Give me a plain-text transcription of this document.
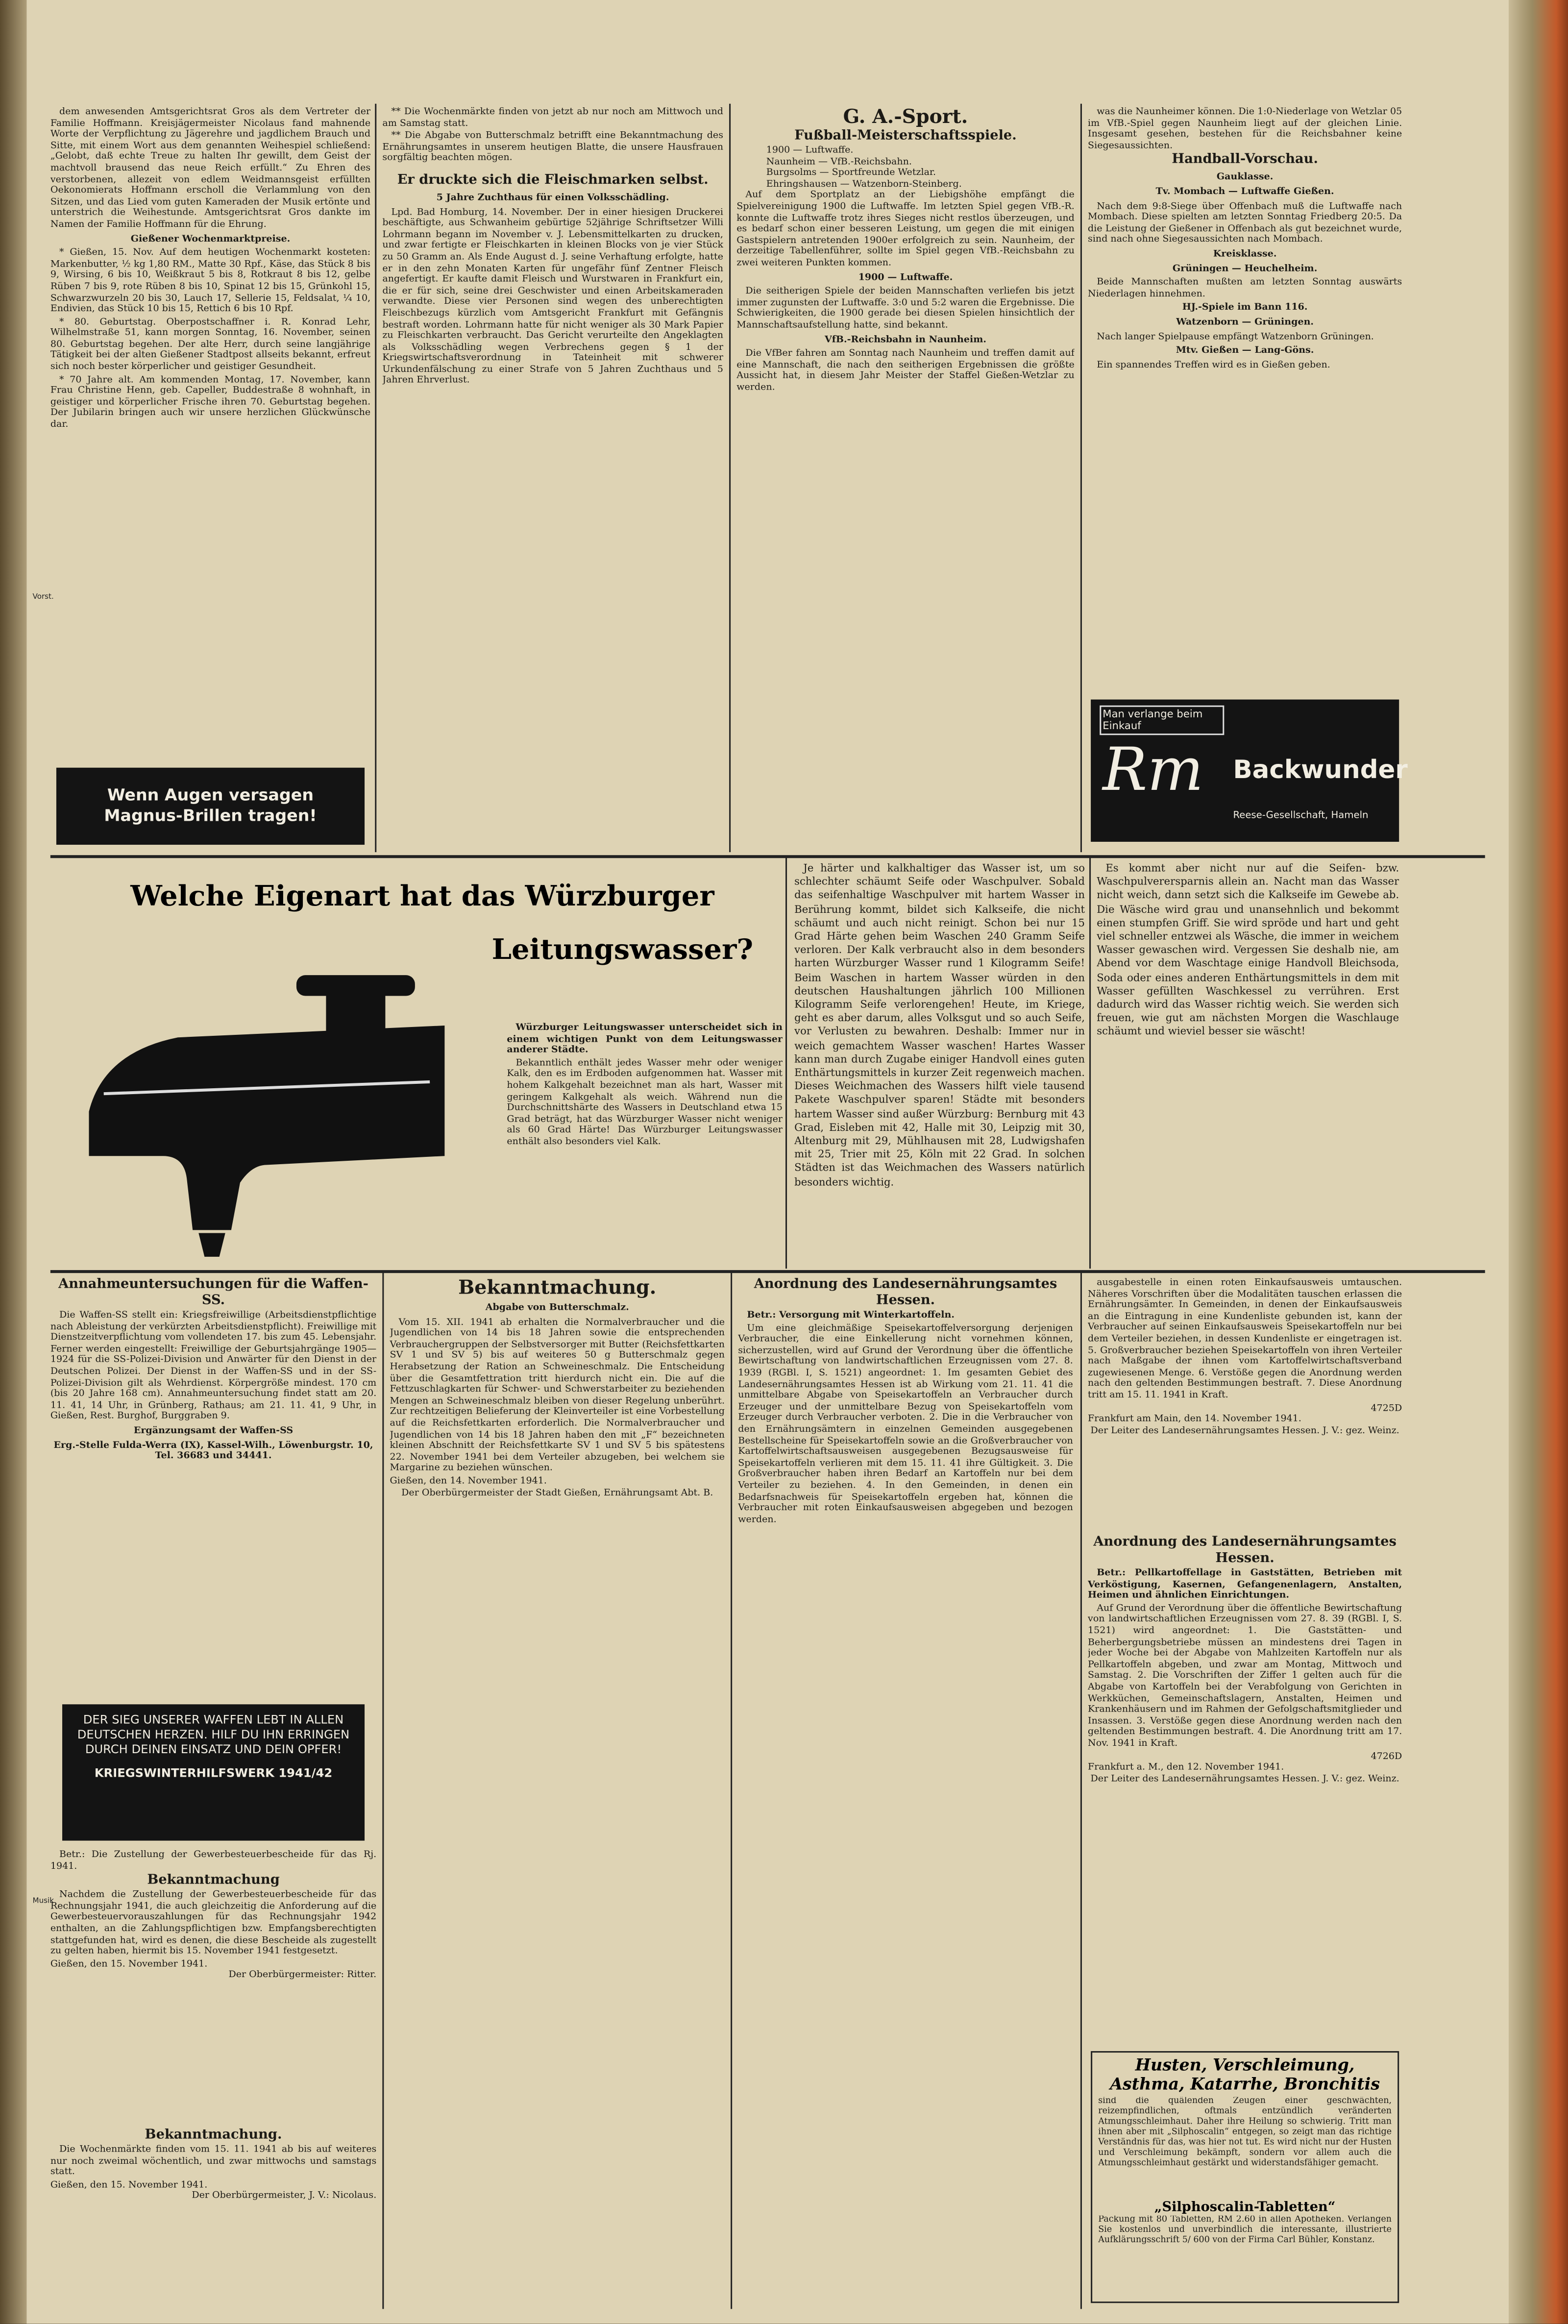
Vorst.
Musik

dem anwesenden Amtsgerichtsrat Gros als dem Vertreter der Familie Hoffmann. Kreisjägermeister Nicolaus fand mahnende Worte der Verpflichtung zu Jägerehre und jagdlichem Brauch und Sitte, mit einem Wort aus dem genannten Weihespiel schließend: „Gelobt, daß echte Treue zu halten Ihr gewillt, dem Geist der machtvoll brausend das neue Reich erfüllt.“ Zu Ehren des verstorbenen, allezeit von edlem Weidmannsgeist erfüllten Oekonomierats Hoffmann erscholl die Verlammlung von den Sitzen, und das Lied vom guten Kameraden der Musik ertönte und unterstrich die Weihestunde. Amtsgerichtsrat Gros dankte im Namen der Familie Hoffmann für die Ehrung.

Gießener Wochenmarktpreise.

* Gießen, 15. Nov. Auf dem heutigen Wochenmarkt kosteten: Markenbutter, ½ kg 1,80 RM., Matte 30 Rpf., Käse, das Stück 8 bis 9, Wirsing, 6 bis 10, Weißkraut 5 bis 8, Rotkraut 8 bis 12, gelbe Rüben 7 bis 9, rote Rüben 8 bis 10, Spinat 12 bis 15, Grünkohl 15, Schwarzwurzeln 20 bis 30, Lauch 17, Sellerie 15, Feldsalat, ¼ 10, Endivien, das Stück 10 bis 15, Rettich 6 bis 10 Rpf.

* 80. Geburtstag. Oberpostschaffner i. R. Konrad Lehr, Wilhelmstraße 51, kann morgen Sonntag, 16. November, seinen 80. Geburtstag begehen. Der alte Herr, durch seine langjährige Tätigkeit bei der alten Gießener Stadtpost allseits bekannt, erfreut sich noch bester körperlicher und geistiger Gesundheit.

* 70 Jahre alt. Am kommenden Montag, 17. November, kann Frau Christine Henn, geb. Capeller, Buddestraße 8 wohnhaft, in geistiger und körperlicher Frische ihren 70. Geburtstag begehen. Der Jubilarin bringen auch wir unsere herzlichen Glückwünsche dar.

Wenn Augen versagen Magnus-Brillen tragen!

** Die Wochenmärkte finden von jetzt ab nur noch am Mittwoch und am Samstag statt.

** Die Abgabe von Butterschmalz betrifft eine Bekanntmachung des Ernährungsamtes in unserem heutigen Blatte, die unsere Hausfrauen sorgfältig beachten mögen.

Er druckte sich die Fleischmarken selbst.
5 Jahre Zuchthaus für einen Volksschädling.

Lpd. Bad Homburg, 14. November. Der in einer hiesigen Druckerei beschäftigte, aus Schwanheim gebürtige 52jährige Schriftsetzer Willi Lohrmann begann im November v. J. Lebensmittelkarten zu drucken, und zwar fertigte er Fleischkarten in kleinen Blocks von je vier Stück zu 50 Gramm an. Als Ende August d. J. seine Verhaftung erfolgte, hatte er in den zehn Monaten Karten für ungefähr fünf Zentner Fleisch angefertigt. Er kaufte damit Fleisch und Wurstwaren in Frankfurt ein, die er für sich, seine drei Geschwister und einen Arbeitskameraden verwandte. Diese vier Personen sind wegen des unberechtigten Fleischbezugs kürzlich vom Amtsgericht Frankfurt mit Gefängnis bestraft worden. Lohrmann hatte für nicht weniger als 30 Mark Papier zu Fleischkarten verbraucht. Das Gericht verurteilte den Angeklagten als Volksschädling wegen Verbrechens gegen § 1 der Kriegswirtschaftsverordnung in Tateinheit mit schwerer Urkundenfälschung zu einer Strafe von 5 Jahren Zuchthaus und 5 Jahren Ehrverlust.

G. A.-Sport.
Fußball-Meisterschaftsspiele.
1900 — Luftwaffe.
Naunheim — VfB.-Reichsbahn.
Burgsolms — Sportfreunde Wetzlar.
Ehringshausen — Watzenborn-Steinberg.

Auf dem Sportplatz an der Liebigshöhe empfängt die Spielvereinigung 1900 die Luftwaffe. Im letzten Spiel gegen VfB.-R. konnte die Luftwaffe trotz ihres Sieges nicht restlos überzeugen, und es bedarf schon einer besseren Leistung, um gegen die mit einigen Gastspielern antretenden 1900er erfolgreich zu sein. Naunheim, der derzeitige Tabellenführer, sollte im Spiel gegen VfB.-Reichsbahn zu zwei weiteren Punkten kommen.

1900 — Luftwaffe.

Die seitherigen Spiele der beiden Mannschaften verliefen bis jetzt immer zugunsten der Luftwaffe. 3:0 und 5:2 waren die Ergebnisse. Die Schwierigkeiten, die 1900 gerade bei diesen Spielen hinsichtlich der Mannschaftsaufstellung hatte, sind bekannt.

VfB.-Reichsbahn in Naunheim.

Die VfBer fahren am Sonntag nach Naunheim und treffen damit auf eine Mannschaft, die nach den seitherigen Ergebnissen die größte Aussicht hat, in diesem Jahr Meister der Staffel Gießen-Wetzlar zu werden.

was die Naunheimer können. Die 1:0-Niederlage von Wetzlar 05 im VfB.-Spiel gegen Naunheim liegt auf der gleichen Linie. Insgesamt gesehen, bestehen für die Reichsbahner keine Siegesaussichten.

Handball-Vorschau.
Gauklasse.
Tv. Mombach — Luftwaffe Gießen.

Nach dem 9:8-Siege über Offenbach muß die Luftwaffe nach Mombach. Diese spielten am letzten Sonntag Friedberg 20:5. Da die Leistung der Gießener in Offenbach als gut bezeichnet wurde, sind nach ohne Siegesaussichten nach Mombach.

Kreisklasse.
Grüningen — Heuchelheim.

Beide Mannschaften mußten am letzten Sonntag auswärts Niederlagen hinnehmen.

HJ.-Spiele im Bann 116.
Watzenborn — Grüningen.

Nach langer Spielpause empfängt Watzenborn Grüningen.

Mtv. Gießen — Lang-Göns.

Ein spannendes Treffen wird es in Gießen geben.

Man verlange beim Einkauf
Rm	Backwunder
Reese-Gesellschaft, Hameln
Welche Eigenart hat das Würzburger
Leitungswasser?

Würzburger Leitungswasser unterscheidet sich in einem wichtigen Punkt von dem Leitungswasser anderer Städte.

Bekanntlich enthält jedes Wasser mehr oder weniger Kalk, den es im Erdboden aufgenommen hat. Wasser mit hohem Kalkgehalt bezeichnet man als hart, Wasser mit geringem Kalkgehalt als weich. Während nun die Durchschnittshärte des Wassers in Deutschland etwa 15 Grad beträgt, hat das Würzburger Wasser nicht weniger als 60 Grad Härte! Das Würzburger Leitungswasser enthält also besonders viel Kalk.

Je härter und kalkhaltiger das Wasser ist, um so schlechter schäumt Seife oder Waschpulver. Sobald das seifenhaltige Waschpulver mit hartem Wasser in Berührung kommt, bildet sich Kalkseife, die nicht schäumt und auch nicht reinigt. Schon bei nur 15 Grad Härte gehen beim Waschen 240 Gramm Seife verloren. Der Kalk verbraucht also in dem besonders harten Würzburger Wasser rund 1 Kilogramm Seife! Beim Waschen in hartem Wasser würden in den deutschen Haushaltungen jährlich 100 Millionen Kilogramm Seife verlorengehen! Heute, im Kriege, geht es aber darum, alles Volksgut und so auch Seife, vor Verlusten zu bewahren. Deshalb: Immer nur in weich gemachtem Wasser waschen! Hartes Wasser kann man durch Zugabe einiger Handvoll eines guten Enthärtungsmittels in kurzer Zeit regenweich machen. Dieses Weichmachen des Wassers hilft viele tausend Pakete Waschpulver sparen! Städte mit besonders hartem Wasser sind außer Würzburg: Bernburg mit 43 Grad, Eisleben mit 42, Halle mit 30, Leipzig mit 30, Altenburg mit 29, Mühlhausen mit 28, Ludwigshafen mit 25, Trier mit 25, Köln mit 22 Grad. In solchen Städten ist das Weichmachen des Wassers natürlich besonders wichtig.

Es kommt aber nicht nur auf die Seifen- bzw. Waschpulverersparnis allein an. Nacht man das Wasser nicht weich, dann setzt sich die Kalkseife im Gewebe ab. Die Wäsche wird grau und unansehnlich und bekommt einen stumpfen Griff. Sie wird spröde und hart und geht viel schneller entzwei als Wäsche, die immer in weichem Wasser gewaschen wird. Vergessen Sie deshalb nie, am Abend vor dem Waschtage einige Handvoll Bleichsoda, Soda oder eines anderen Enthärtungsmittels in dem mit Wasser gefüllten Waschkessel zu verrühren. Erst dadurch wird das Wasser richtig weich. Sie werden sich freuen, wie gut am nächsten Morgen die Waschlauge schäumt und wieviel besser sie wäscht!

Annahmeuntersuchungen für die Waffen-SS.

Die Waffen-SS stellt ein: Kriegsfreiwillige (Arbeitsdienstpflichtige nach Ableistung der verkürzten Arbeitsdienstpflicht). Freiwillige mit Dienstzeitverpflichtung vom vollendeten 17. bis zum 45. Lebensjahr. Ferner werden eingestellt: Freiwillige der Geburtsjahrgänge 1905—1924 für die SS-Polizei-Division und Anwärter für den Dienst in der Deutschen Polizei. Der Dienst in der Waffen-SS und in der SS-Polizei-Division gilt als Wehrdienst. Körpergröße mindest. 170 cm (bis 20 Jahre 168 cm). Annahmeuntersuchung findet statt am 20. 11. 41, 14 Uhr, in Grünberg, Rathaus; am 21. 11. 41, 9 Uhr, in Gießen, Rest. Burghof, Burggraben 9.

Ergänzungsamt der Waffen-SS
Erg.-Stelle Fulda-Werra (IX), Kassel-Wilh., Löwenburgstr. 10, Tel. 36683 und 34441.
DER SIEG UNSERER WAFFEN LEBT IN ALLEN DEUTSCHEN HERZEN. HILF DU IHN ERRINGEN DURCH DEINEN EINSATZ UND DEIN OPFER!
KRIEGSWINTERHILFSWERK 1941/42

Betr.: Die Zustellung der Gewerbesteuerbescheide für das Rj. 1941.

Bekanntmachung

Nachdem die Zustellung der Gewerbesteuerbescheide für das Rechnungsjahr 1941, die auch gleichzeitig die Anforderung auf die Gewerbesteuervorauszahlungen für das Rechnungsjahr 1942 enthalten, an die Zahlungspflichtigen bzw. Empfangsberechtigten stattgefunden hat, wird es denen, die diese Bescheide als zugestellt zu gelten haben, hiermit bis 15. November 1941 festgesetzt.

Gießen, den 15. November 1941.
Der Oberbürgermeister: Ritter.
Bekanntmachung.

Die Wochenmärkte finden vom 15. 11. 1941 ab bis auf weiteres nur noch zweimal wöchentlich, und zwar mittwochs und samstags statt.

Gießen, den 15. November 1941.
Der Oberbürgermeister, J. V.: Nicolaus.
Bekanntmachung.
Abgabe von Butterschmalz.

Vom 15. XII. 1941 ab erhalten die Normalverbraucher und die Jugendlichen von 14 bis 18 Jahren sowie die entsprechenden Verbrauchergruppen der Selbstversorger mit Butter (Reichsfettkarten SV 1 und SV 5) bis auf weiteres 50 g Butterschmalz gegen Herabsetzung der Ration an Schweineschmalz. Die Entscheidung über die Gesamtfettration tritt hierdurch nicht ein. Die auf die Fettzuschlagkarten für Schwer- und Schwerstarbeiter zu beziehenden Mengen an Schweineschmalz bleiben von dieser Regelung unberührt. Zur rechtzeitigen Belieferung der Kleinverteiler ist eine Vorbestellung auf die Reichsfettkarten erforderlich. Die Normalverbraucher und Jugendlichen von 14 bis 18 Jahren haben den mit „F“ bezeichneten kleinen Abschnitt der Reichsfettkarte SV 1 und SV 5 bis spätestens 22. November 1941 bei dem Verteiler abzugeben, bei welchem sie Margarine zu beziehen wünschen.

Gießen, den 14. November 1941.
Der Oberbürgermeister der Stadt Gießen, Ernährungsamt Abt. B.
Anordnung des Landesernährungsamtes Hessen.

Betr.: Versorgung mit Winterkartoffeln.

Um eine gleichmäßige Speisekartoffelversorgung derjenigen Verbraucher, die eine Einkellerung nicht vornehmen können, sicherzustellen, wird auf Grund der Verordnung über die öffentliche Bewirtschaftung von landwirtschaftlichen Erzeugnissen vom 27. 8. 1939 (RGBl. I, S. 1521) angeordnet: 1. Im gesamten Gebiet des Landesernährungsamtes Hessen ist ab Wirkung vom 21. 11. 41 die unmittelbare Abgabe von Speisekartoffeln an Verbraucher durch Erzeuger und der unmittelbare Bezug von Speisekartoffeln vom Erzeuger durch Verbraucher verboten. 2. Die in die Verbraucher von den Ernährungsämtern in einzelnen Gemeinden ausgegebenen Bestellscheine für Speisekartoffeln sowie an die Großverbraucher von Kartoffelwirtschaftsausweisen ausgegebenen Bezugsausweise für Speisekartoffeln verlieren mit dem 15. 11. 41 ihre Gültigkeit. 3. Die Großverbraucher haben ihren Bedarf an Kartoffeln nur bei dem Verteiler zu beziehen. 4. In den Gemeinden, in denen ein Bedarfsnachweis für Speisekartoffeln ergeben hat, können die Verbraucher mit roten Einkaufsausweisen abgegeben und bezogen werden.

ausgabestelle in einen roten Einkaufsausweis umtauschen. Näheres Vorschriften über die Modalitäten tauschen erlassen die Ernährungsämter. In Gemeinden, in denen der Einkaufsausweis an die Eintragung in eine Kundenliste gebunden ist, kann der Verbraucher auf seinen Einkaufsausweis Speisekartoffeln nur bei dem Verteiler beziehen, in dessen Kundenliste er eingetragen ist. 5. Großverbraucher beziehen Speisekartoffeln von ihren Verteiler nach Maßgabe der ihnen vom Kartoffelwirtschaftsverband zugewiesenen Menge. 6. Verstöße gegen die Anordnung werden nach den geltenden Bestimmungen bestraft. 7. Diese Anordnung tritt am 15. 11. 1941 in Kraft.

4725D
Frankfurt am Main, den 14. November 1941.
Der Leiter des Landesernährungsamtes Hessen. J. V.: gez. Weinz.
Anordnung des Landesernährungsamtes Hessen.

Betr.: Pellkartoffellage in Gaststätten, Betrieben mit Verköstigung, Kasernen, Gefangenenlagern, Anstalten, Heimen und ähnlichen Einrichtungen.

Auf Grund der Verordnung über die öffentliche Bewirtschaftung von landwirtschaftlichen Erzeugnissen vom 27. 8. 39 (RGBl. I, S. 1521) wird angeordnet: 1. Die Gaststätten- und Beherbergungsbetriebe müssen an mindestens drei Tagen in jeder Woche bei der Abgabe von Mahlzeiten Kartoffeln nur als Pellkartoffeln abgeben, und zwar am Montag, Mittwoch und Samstag. 2. Die Vorschriften der Ziffer 1 gelten auch für die Abgabe von Kartoffeln bei der Verabfolgung von Gerichten in Werkküchen, Gemeinschaftslagern, Anstalten, Heimen und Krankenhäusern und im Rahmen der Gefolgschaftsmitglieder und Insassen. 3. Verstöße gegen diese Anordnung werden nach den geltenden Bestimmungen bestraft. 4. Die Anordnung tritt am 17. Nov. 1941 in Kraft.

4726D
Frankfurt a. M., den 12. November 1941.
Der Leiter des Landesernährungsamtes Hessen. J. V.: gez. Weinz.
Husten, Verschleimung, Asthma, Katarrhe, Bronchitis
sind die quälenden Zeugen einer geschwächten, reizempfindlichen, oftmals entzündlich veränderten Atmungsschleimhaut. Daher ihre Heilung so schwierig. Tritt man ihnen aber mit „Silphoscalin“ entgegen, so zeigt man das richtige Verständnis für das, was hier not tut. Es wird nicht nur der Husten und Verschleimung bekämpft, sondern vor allem auch die Atmungsschleimhaut gestärkt und widerstandsfähiger gemacht.
„Silphoscalin-Tabletten“
Packung mit 80 Tabletten, RM 2.60 in allen Apotheken. Verlangen Sie kostenlos und unverbindlich die interessante, illustrierte Aufklärungsschrift 5/ 600 von der Firma Carl Bühler, Konstanz.
